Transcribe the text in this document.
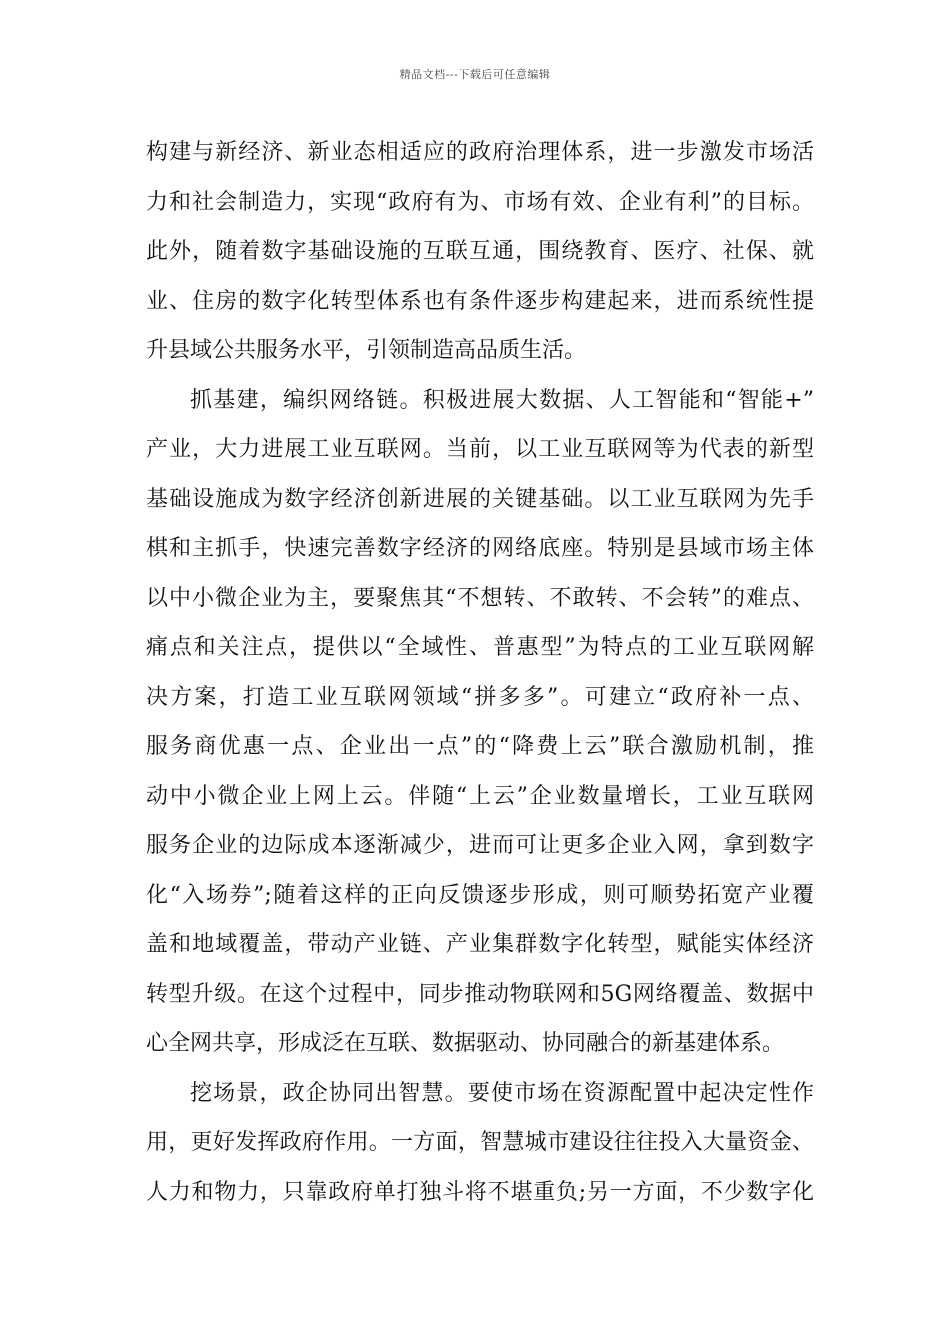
精品文档---下载后可任意编辑
构建与新经济、新业态相适应的政府治理体系，进一步激发市场活
力和社会制造力，实现“政府有为、市场有效、企业有利”的目标。
此外，随着数字基础设施的互联互通，围绕教育、医疗、社保、就
业、住房的数字化转型体系也有条件逐步构建起来，进而系统性提
升县域公共服务水平，引领制造高品质生活。
抓基建，编织网络链。积极进展大数据、人工智能和“智能+”
产业，大力进展工业互联网。当前，以工业互联网等为代表的新型
基础设施成为数字经济创新进展的关键基础。以工业互联网为先手
棋和主抓手，快速完善数字经济的网络底座。特别是县域市场主体
以中小微企业为主，要聚焦其“不想转、不敢转、不会转”的难点、
痛点和关注点，提供以“全域性、普惠型”为特点的工业互联网解
决方案，打造工业互联网领域“拼多多”。可建立“政府补一点、
服务商优惠一点、企业出一点”的“降费上云”联合激励机制，推
动中小微企业上网上云。伴随“上云”企业数量增长，工业互联网
服务企业的边际成本逐渐减少，进而可让更多企业入网，拿到数字
化“入场券”;随着这样的正向反馈逐步形成，则可顺势拓宽产业覆
盖和地域覆盖，带动产业链、产业集群数字化转型，赋能实体经济
转型升级。在这个过程中，同步推动物联网和5G网络覆盖、数据中
心全网共享，形成泛在互联、数据驱动、协同融合的新基建体系。
挖场景，政企协同出智慧。要使市场在资源配置中起决定性作
用，更好发挥政府作用。一方面，智慧城市建设往往投入大量资金、
人力和物力，只靠政府单打独斗将不堪重负;另一方面，不少数字化
